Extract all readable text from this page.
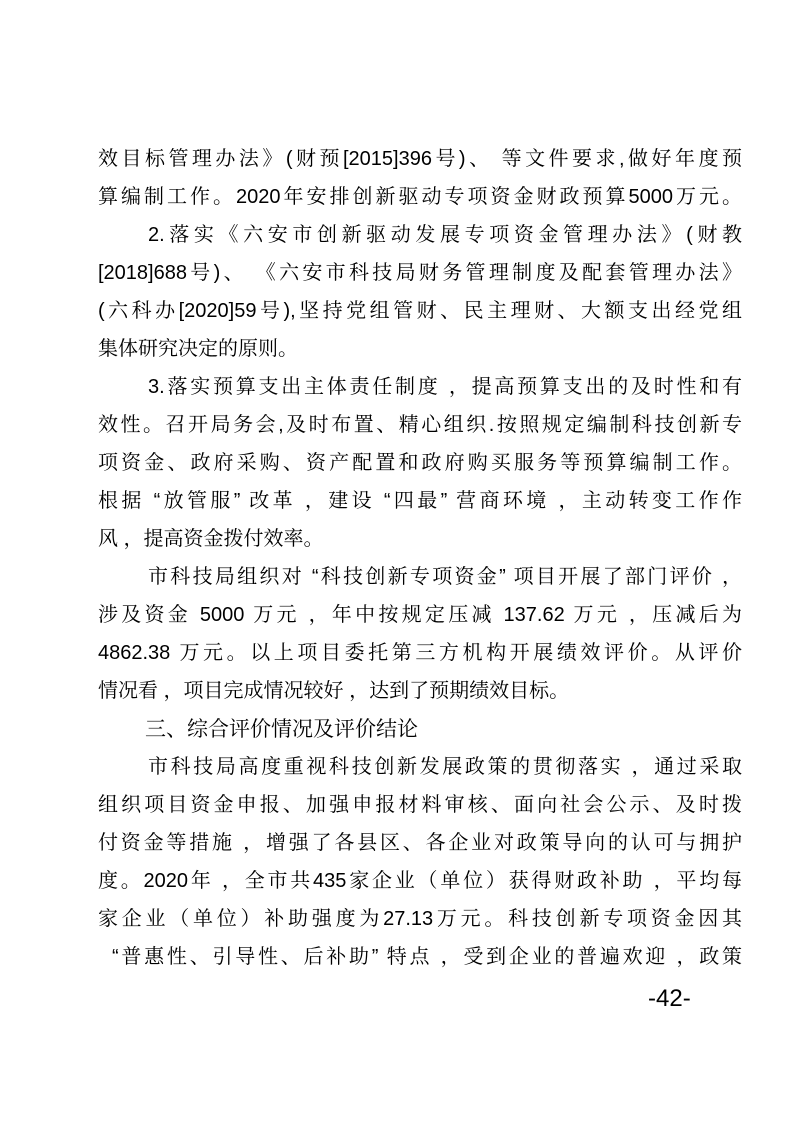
效目标管理办法》(财预[2015]396号)、 等文件要求,做好年度预
算编制工作。2020年安排创新驱动专项资金财政预算5000万元。
2.落实《六安市创新驱动发展专项资金管理办法》(财教
[2018]688号)、 《六安市科技局财务管理制度及配套管理办法》
(六科办[2020]59号),坚持党组管财、民主理财、大额支出经党组
集体研究决定的原则。
3.落实预算支出主体责任制度 ，提高预算支出的及时性和有
效性。召开局务会,及时布置、精心组织.按照规定编制科技创新专
项资金、政府采购、资产配置和政府购买服务等预算编制工作。
根据 “放管服” 改革 ，建设 “四最” 营商环境 ，主动转变工作作
风 ，提高资金拨付效率。
市科技局组织对 “科技创新专项资金” 项目开展了部门评价 ，
涉及资金 5000 万元 ，年中按规定压减 137.62 万元 ，压减后为
4862.38 万元。以上项目委托第三方机构开展绩效评价。从评价
情况看 ，项目完成情况较好 ，达到了预期绩效目标。
三、综合评价情况及评价结论
市科技局高度重视科技创新发展政策的贯彻落实 ，通过采取
组织项目资金申报、加强申报材料审核、面向社会公示、及时拨
付资金等措施 ，增强了各县区、各企业对政策导向的认可与拥护
度。2020年 ，全市共435家企业（单位）获得财政补助 ，平均每
家企业（单位）补助强度为27.13万元。科技创新专项资金因其
“普惠性、引导性、后补助” 特点 ，受到企业的普遍欢迎 ，政策
-42-
